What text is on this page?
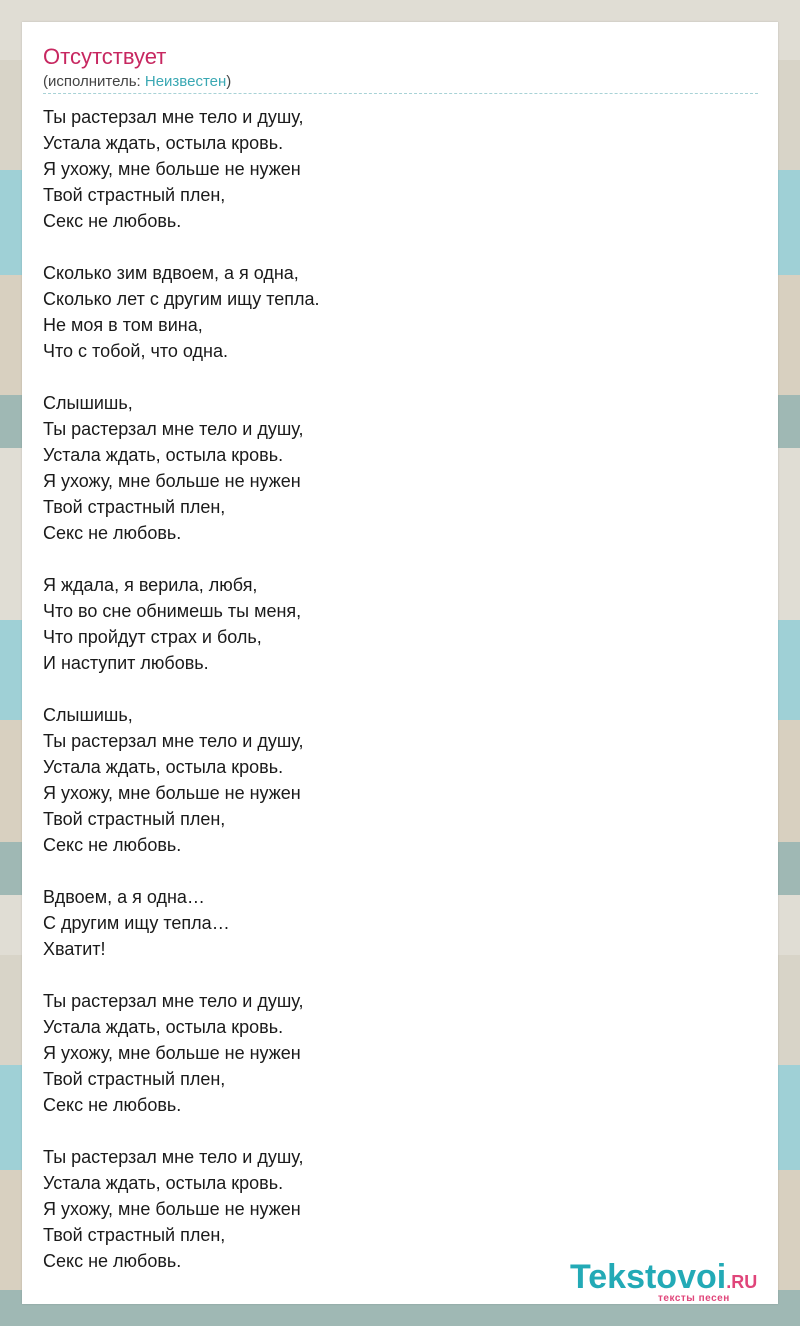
Отсутствует
(исполнитель: Неизвестен)
Ты растерзал мне тело и душу,
Устала ждать, остыла кровь.
Я ухожу, мне больше не нужен
Твой страстный плен,
Секс не любовь.
Сколько зим вдвоем, а я одна,
Сколько лет с другим ищу тепла.
Не моя в том вина,
Что с тобой, что одна.
Слышишь,
Ты растерзал мне тело и душу,
Устала ждать, остыла кровь.
Я ухожу, мне больше не нужен
Твой страстный плен,
Секс не любовь.
Я ждала, я верила, любя,
Что во сне обнимешь ты меня,
Что пройдут страх и боль,
И наступит любовь.
Слышишь,
Ты растерзал мне тело и душу,
Устала ждать, остыла кровь.
Я ухожу, мне больше не нужен
Твой страстный плен,
Секс не любовь.
Вдвоем, а я одна…
С другим ищу тепла…
Хватит!
Ты растерзал мне тело и душу,
Устала ждать, остыла кровь.
Я ухожу, мне больше не нужен
Твой страстный плен,
Секс не любовь.
Ты растерзал мне тело и душу,
Устала ждать, остыла кровь.
Я ухожу, мне больше не нужен
Твой страстный плен,
Секс не любовь.	Tekstovoi.RU
тексты песен
